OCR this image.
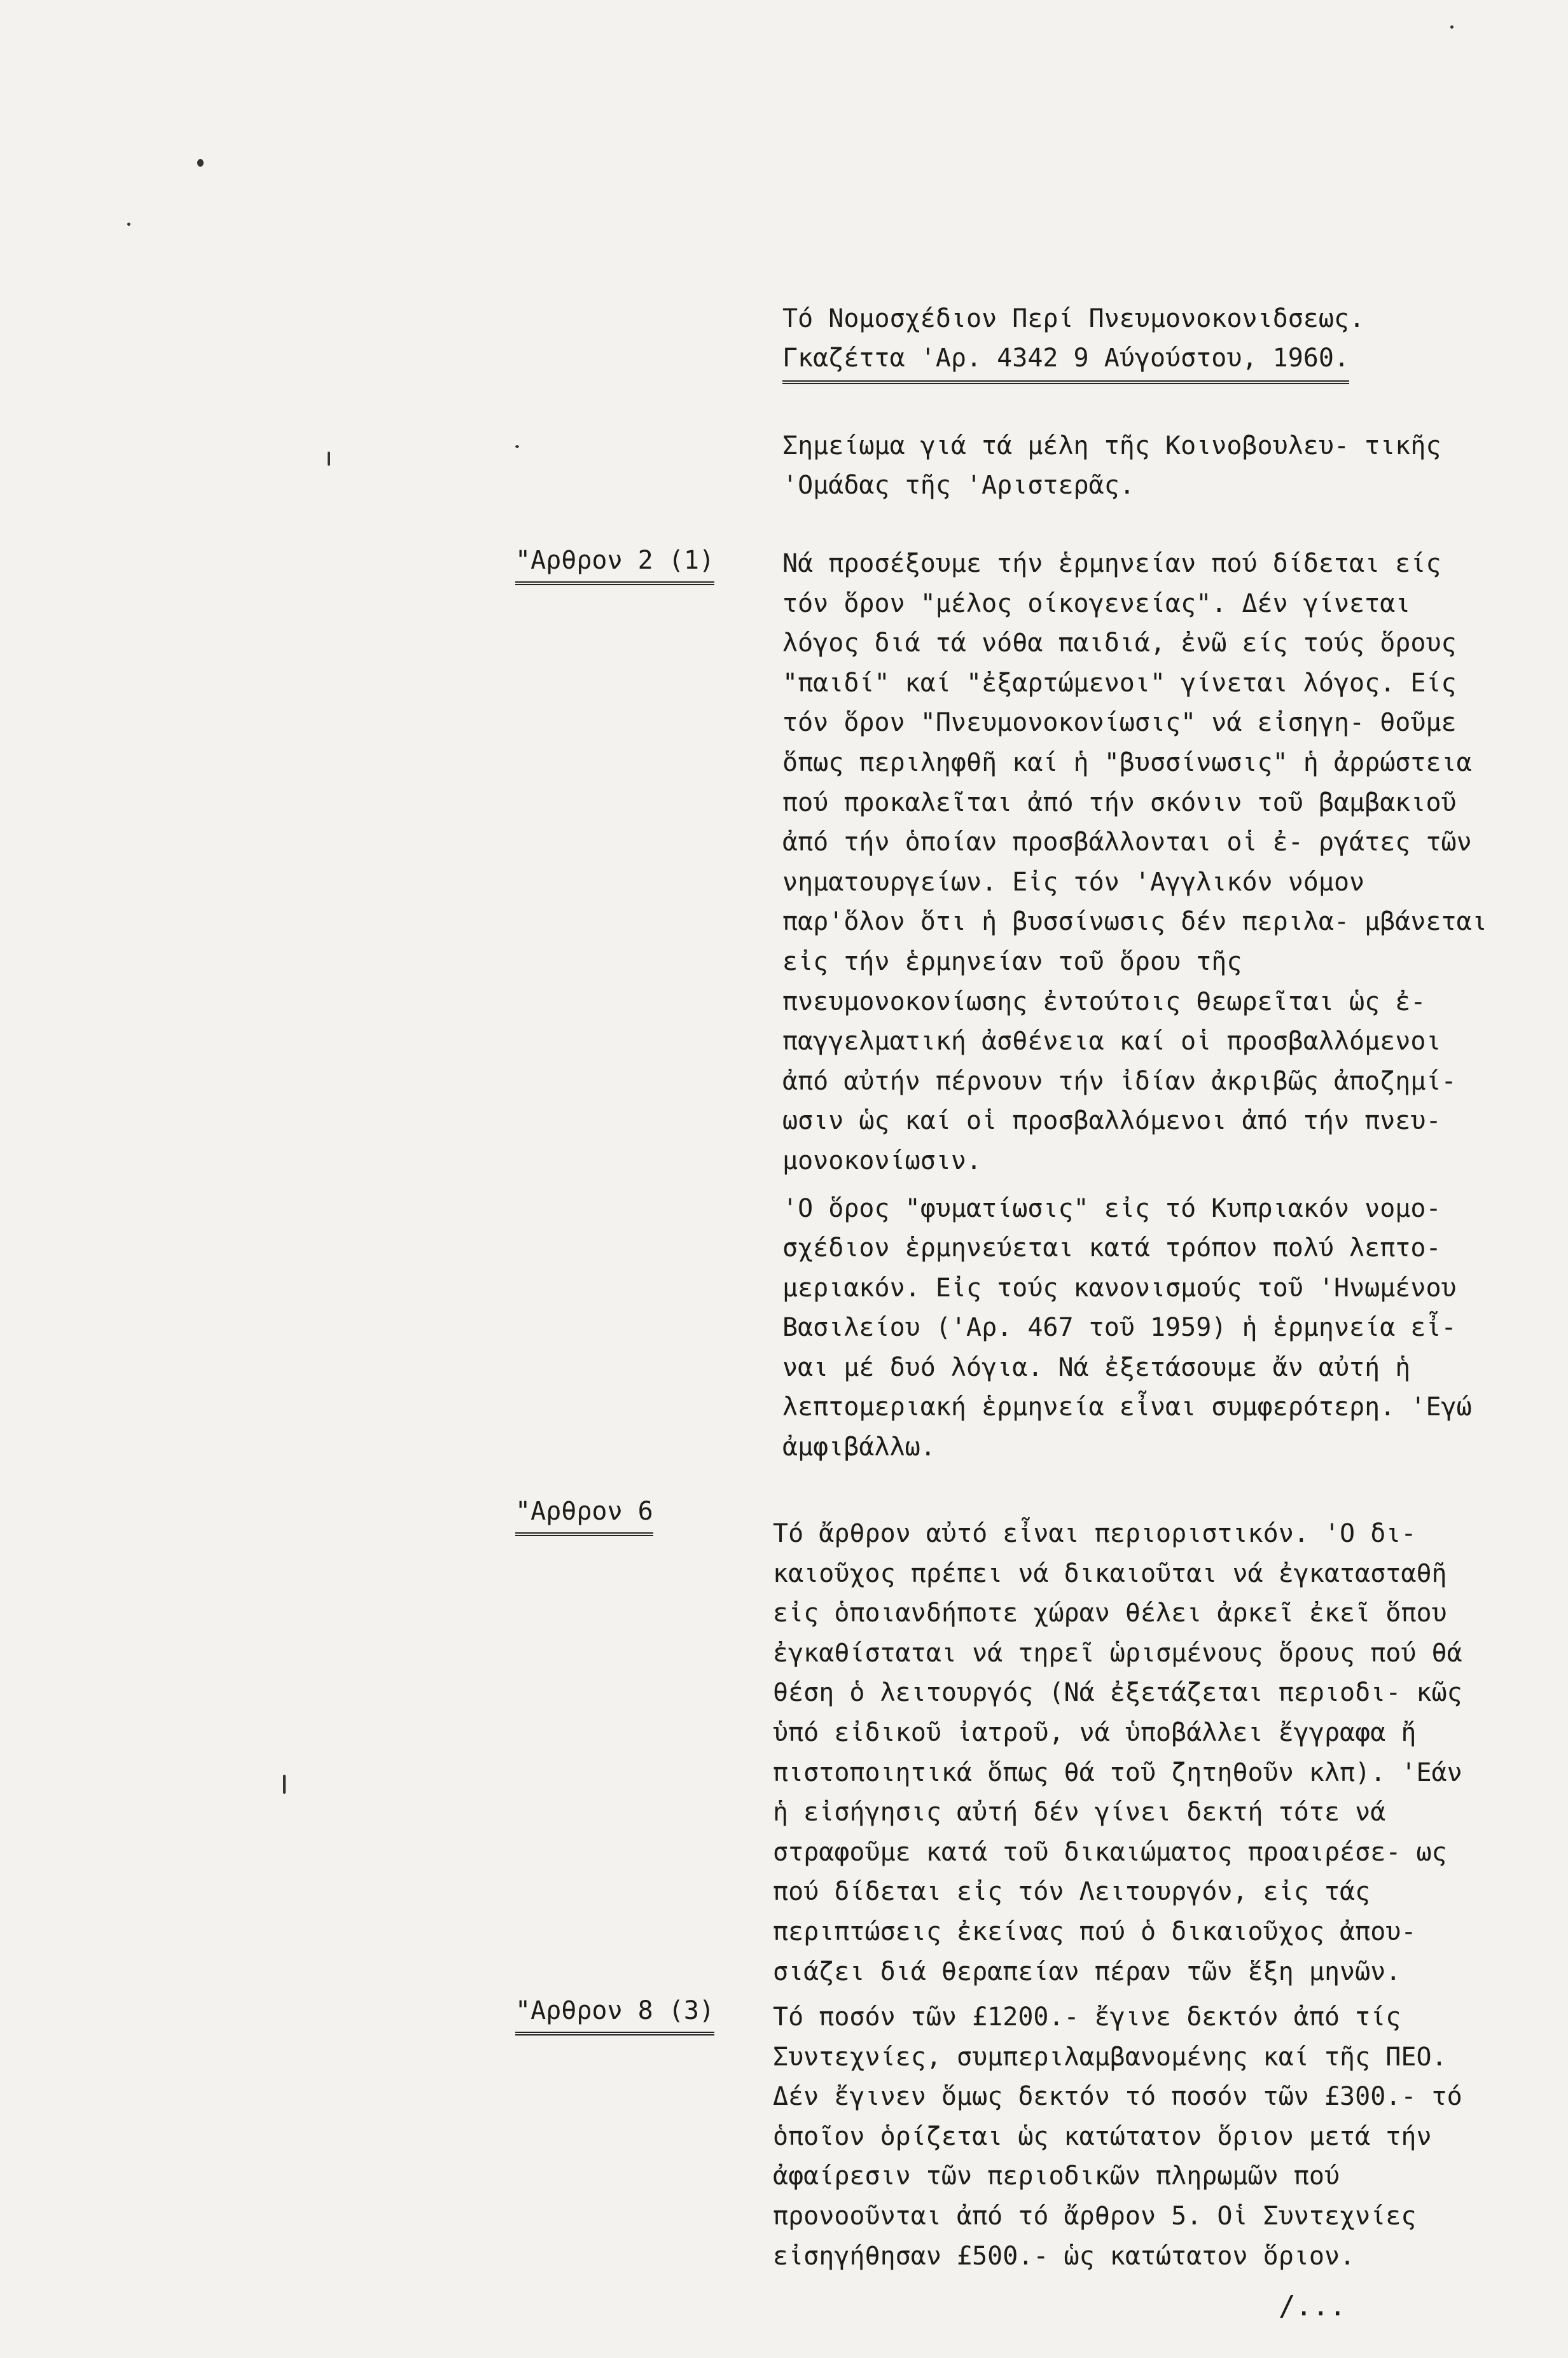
Τό Νομοσχέδιον Περί Πνευμονοκονιδσεως.
Γκαζέττα 'Αρ. 4342 9 Αύγούστου, 1960.
Σημείωμα γιά τά μέλη τῆς Κοινοβουλευ- τικῆς 'Ομάδας τῆς 'Αριστερᾶς.
"Αρθρον 2 (1)	Νά προσέξουμε τήν ἑρμηνείαν πού δίδεται είς τόν ὅρον "μέλος οίκογενείας". Δέν γίνεται λόγος διά τά νόθα παιδιά, ἐνῶ είς τούς ὅρους "παιδί" καί "ἐξαρτώμενοι" γίνεται λόγος. Είς τόν ὅρον "Πνευμονοκονίωσις" νά εἰσηγη- θοῦμε ὅπως περιληφθῆ καί ἡ "βυσσίνωσις" ἡ ἀρρώστεια πού προκαλεῖται ἀπό τήν σκόνιν τοῦ βαμβακιοῦ ἀπό τήν ὁποίαν προσβάλλονται οἱ ἐ- ργάτες τῶν νηματουργείων. Εἰς τόν 'Αγγλικόν νόμον παρ'ὅλον ὅτι ἡ βυσσίνωσις δέν περιλα- μβάνεται εἰς τήν ἑρμηνείαν τοῦ ὅρου τῆς πνευμονοκονίωσης ἐντούτοις θεωρεῖται ὡς ἐ- παγγελματική ἀσθένεια καί οἱ προσβαλλόμενοι ἀπό αὐτήν πέρνουν τήν ἰδίαν ἀκριβῶς ἀποζημί- ωσιν ὡς καί οἱ προσβαλλόμενοι ἀπό τήν πνευ- μονοκονίωσιν.

'Ο ὅρος "φυματίωσις" εἰς τό Κυπριακόν νομο- σχέδιον ἑρμηνεύεται κατά τρόπον πολύ λεπτο- μεριακόν. Εἰς τούς κανονισμούς τοῦ 'Ηνωμένου Βασιλείου ('Αρ. 467 τοῦ 1959) ἡ ἑρμηνεία εἶ- ναι μέ δυό λόγια. Νά ἐξετάσουμε ἄν αὐτή ἡ λεπτομεριακή ἑρμηνεία εἶναι συμφερότερη. 'Εγώ ἀμφιβάλλω.

"Αρθρον 6

Τό ἄρθρον αὐτό εἶναι περιοριστικόν. 'Ο δι- καιοῦχος πρέπει νά δικαιοῦται νά ἐγκατασταθῆ εἰς ὁποιανδήποτε χώραν θέλει ἀρκεῖ ἐκεῖ ὅπου ἐγκαθίσταται νά τηρεῖ ὡρισμένους ὅρους πού θά θέση ὁ λειτουργός (Νά ἐξετάζεται περιοδι- κῶς ὑπό εἰδικοῦ ἰατροῦ, νά ὑποβάλλει ἔγγραφα ἤ πιστοποιητικά ὅπως θά τοῦ ζητηθοῦν κλπ). 'Εάν ἡ εἰσήγησις αὐτή δέν γίνει δεκτή τότε νά στραφοῦμε κατά τοῦ δικαιώματος προαιρέσε- ως πού δίδεται εἰς τόν Λειτουργόν, εἰς τάς περιπτώσεις ἐκείνας πού ὁ δικαιοῦχος ἀπου- σιάζει διά θεραπείαν πέραν τῶν ἕξη μηνῶν.

"Αρθρον 8 (3) Τό ποσόν τῶν £1200.- ἔγινε δεκτόν ἀπό τίς Συντεχνίες, συμπεριλαμβανομένης καί τῆς ΠΕΟ. Δέν ἔγινεν ὅμως δεκτόν τό ποσόν τῶν £300.- τό ὁποῖον ὁρίζεται ὡς κατώτατον ὅριον μετά τήν ἀφαίρεσιν τῶν περιοδικῶν πληρωμῶν πού προνοοῦνται ἀπό τό ἄρθρον 5. Οἱ Συντεχνίες εἰσηγήθησαν £500.- ὡς κατώτατον ὅριον.

/...
